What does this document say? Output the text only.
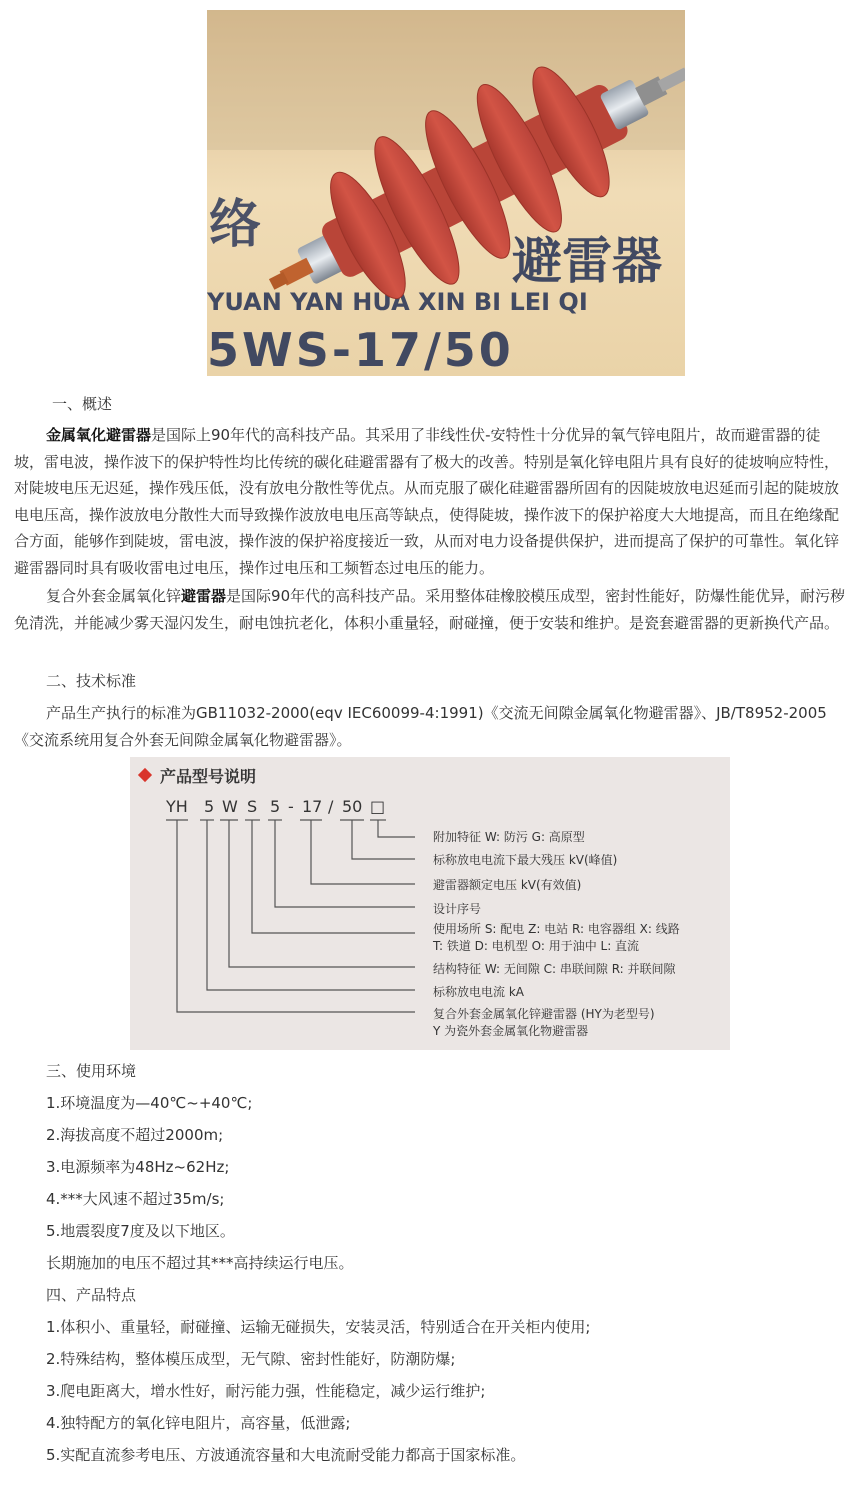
络
避雷器
YUAN YAN HUA XIN BI LEI QI
5WS-17/50
一、概述
金属氧化避雷器是国际上90年代的高科技产品。其采用了非线性伏-安特性十分优异的氧气锌电阻片，故而避雷器的徒坡，雷电波，操作波下的保护特性均比传统的碳化硅避雷器有了极大的改善。特别是氧化锌电阻片具有良好的徒坡响应特性，对陡坡电压无迟延，操作残压低，没有放电分散性等优点。从而克服了碳化硅避雷器所固有的因陡坡放电迟延而引起的陡坡放电电压高，操作波放电分散性大而导致操作波放电电压高等缺点，使得陡坡，操作波下的保护裕度大大地提高，而且在绝缘配合方面，能够作到陡坡，雷电波，操作波的保护裕度接近一致，从而对电力设备提供保护，进而提高了保护的可靠性。氧化锌避雷器同时具有吸收雷电过电压，操作过电压和工频暂态过电压的能力。
复合外套金属氧化锌避雷器是国际90年代的高科技产品。采用整体硅橡胶模压成型，密封性能好，防爆性能优异，耐污秽免清洗，并能减少雾天湿闪发生，耐电蚀抗老化，体积小重量轻，耐碰撞，便于安装和维护。是瓷套避雷器的更新换代产品。
二、技术标准
产品生产执行的标准为GB11032-2000(eqv IEC60099-4:1991)《交流无间隙金属氧化物避雷器》、JB/T8952-2005《交流系统用复合外套无间隙金属氧化物避雷器》。
产品型号说明
YH 5 W S 5 - 17 / 50 □
附加特征 W: 防污 G: 高原型
标称放电电流下最大残压 kV(峰值)
避雷器额定电压 kV(有效值)
设计序号
使用场所 S: 配电 Z: 电站 R: 电容器组 X: 线路
T: 铁道 D: 电机型 O: 用于油中 L: 直流
结构特征 W: 无间隙 C: 串联间隙 R: 并联间隙
标称放电电流 kA
复合外套金属氧化锌避雷器 (HY为老型号)
Y 为瓷外套金属氧化物避雷器
三、使用环境
1.环境温度为—40℃~+40℃;
2.海拔高度不超过2000m;
3.电源频率为48Hz~62Hz;
4.***大风速不超过35m/s;
5.地震裂度7度及以下地区。
长期施加的电压不超过其***高持续运行电压。
四、产品特点
1.体积小、重量轻，耐碰撞、运输无碰损失，安装灵活，特别适合在开关柜内使用;
2.特殊结构，整体模压成型，无气隙、密封性能好，防潮防爆;
3.爬电距离大，增水性好，耐污能力强，性能稳定，减少运行维护;
4.独特配方的氧化锌电阻片，高容量，低泄露;
5.实配直流参考电压、方波通流容量和大电流耐受能力都高于国家标准。
